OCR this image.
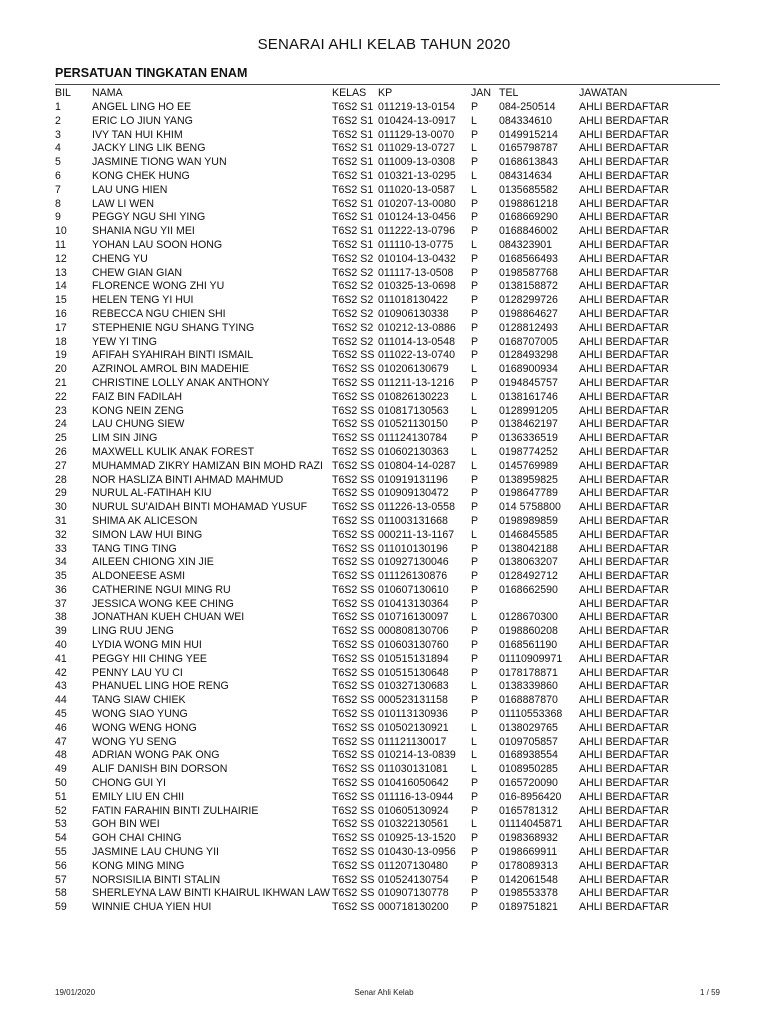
SENARAI AHLI KELAB TAHUN 2020
PERSATUAN TINGKATAN ENAM
BIL NAMA	KELAS KP	JAN TEL	JAWATAN
1	ANGEL LING HO EE	T6S2 S1 011219-13-0154 P 084-250514 AHLI BERDAFTAR
2	ERIC LO JIUN YANG	T6S2 S1 010424-13-0917 L 084334610	AHLI BERDAFTAR
3	IVY TAN HUI KHIM	T6S2 S1 011129-13-0070 P 0149915214 AHLI BERDAFTAR
4	JACKY LING LIK BENG	T6S2 S1 011029-13-0727 L 0165798787 AHLI BERDAFTAR
5	JASMINE TIONG WAN YUN	T6S2 S1 011009-13-0308 P 0168613843 AHLI BERDAFTAR
6	KONG CHEK HUNG	T6S2 S1 010321-13-0295 L 084314634	AHLI BERDAFTAR
7	LAU UNG HIEN	T6S2 S1 011020-13-0587 L 0135685582 AHLI BERDAFTAR
8	LAW LI WEN	T6S2 S1 010207-13-0080 P 0198861218 AHLI BERDAFTAR
9	PEGGY NGU SHI YING	T6S2 S1 010124-13-0456 P 0168669290 AHLI BERDAFTAR
10 SHANIA NGU YII MEI	T6S2 S1 011222-13-0796 P 0168846002 AHLI BERDAFTAR
11 YOHAN LAU SOON HONG	T6S2 S1 011110-13-0775 L 084323901	AHLI BERDAFTAR
12 CHENG YU	T6S2 S2 010104-13-0432 P 0168566493 AHLI BERDAFTAR
13 CHEW GIAN GIAN	T6S2 S2 011117-13-0508 P 0198587768 AHLI BERDAFTAR
14 FLORENCE WONG ZHI YU	T6S2 S2 010325-13-0698 P 0138158872 AHLI BERDAFTAR
15 HELEN TENG YI HUI	T6S2 S2 011018130422 P 0128299726 AHLI BERDAFTAR
16 REBECCA NGU CHIEN SHI	T6S2 S2 010906130338 P 0198864627 AHLI BERDAFTAR
17 STEPHENIE NGU SHANG TYING	T6S2 S2 010212-13-0886 P 0128812493 AHLI BERDAFTAR
18 YEW YI TING	T6S2 S2 011014-13-0548 P 0168707005 AHLI BERDAFTAR
19 AFIFAH SYAHIRAH BINTI ISMAIL	T6S2 SS 011022-13-0740 P 0128493298 AHLI BERDAFTAR
20 AZRINOL AMROL BIN MADEHIE	T6S2 SS 010206130679 L 0168900934 AHLI BERDAFTAR
21 CHRISTINE LOLLY ANAK ANTHONY	T6S2 SS 011211-13-1216 P 0194845757 AHLI BERDAFTAR
22 FAIZ BIN FADILAH	T6S2 SS 010826130223 L 0138161746 AHLI BERDAFTAR
23 KONG NEIN ZENG	T6S2 SS 010817130563 L 0128991205 AHLI BERDAFTAR
24 LAU CHUNG SIEW	T6S2 SS 010521130150 P 0138462197 AHLI BERDAFTAR
25 LIM SIN JING	T6S2 SS 011124130784 P 0136336519 AHLI BERDAFTAR
26 MAXWELL KULIK ANAK FOREST	T6S2 SS 010602130363 L 0198774252 AHLI BERDAFTAR
27 MUHAMMAD ZIKRY HAMIZAN BIN MOHD RAZI T6S2 SS 010804-14-0287 L 0145769989 AHLI BERDAFTAR
28 NOR HASLIZA BINTI AHMAD MAHMUD	T6S2 SS 010919131196 P 0138959825 AHLI BERDAFTAR
29 NURUL AL-FATIHAH KIU	T6S2 SS 010909130472 P 0198647789 AHLI BERDAFTAR
30 NURUL SU'AIDAH BINTI MOHAMAD YUSUF T6S2 SS 011226-13-0558 P 014 5758800 AHLI BERDAFTAR
31 SHIMA AK ALICESON	T6S2 SS 011003131668 P 0198989859 AHLI BERDAFTAR
32 SIMON LAW HUI BING	T6S2 SS 000211-13-1167 L 0146845585 AHLI BERDAFTAR
33 TANG TING TING	T6S2 SS 011010130196 P 0138042188 AHLI BERDAFTAR
34 AILEEN CHIONG XIN JIE	T6S2 SS 010927130046 P 0138063207 AHLI BERDAFTAR
35 ALDONEESE ASMI	T6S2 SS 011126130876 P 0128492712 AHLI BERDAFTAR
36 CATHERINE NGUI MING RU	T6S2 SS 010607130610 P 0168662590 AHLI BERDAFTAR
37 JESSICA WONG KEE CHING	T6S2 SS 010413130364 P	AHLI BERDAFTAR
38 JONATHAN KUEH CHUAN WEI	T6S2 SS 010716130097 L 0128670300 AHLI BERDAFTAR
39 LING RUU JENG	T6S2 SS 000808130706 P 0198860208 AHLI BERDAFTAR
40 LYDIA WONG MIN HUI	T6S2 SS 010603130760 P 0168561190 AHLI BERDAFTAR
41 PEGGY HII CHING YEE	T6S2 SS 010515131894 P 01110909971 AHLI BERDAFTAR
42 PENNY LAU YU CI	T6S2 SS 010515130648 P 0178178871 AHLI BERDAFTAR
43 PHANUEL LING HOE RENG	T6S2 SS 010327130683 L 0138339860 AHLI BERDAFTAR
44 TANG SIAW CHIEK	T6S2 SS 000523131158 P 0168887870 AHLI BERDAFTAR
45 WONG SIAO YUNG	T6S2 SS 010113130936 P 01110553368 AHLI BERDAFTAR
46 WONG WENG HONG	T6S2 SS 010502130921 L 0138029765 AHLI BERDAFTAR
47 WONG YU SENG	T6S2 SS 011121130017 L 0109705857 AHLI BERDAFTAR
48 ADRIAN WONG PAK ONG	T6S2 SS 010214-13-0839 L 0168938554 AHLI BERDAFTAR
49 ALIF DANISH BIN DORSON	T6S2 SS 011030131081 L 0108950285 AHLI BERDAFTAR
50 CHONG GUI YI	T6S2 SS 010416050642 P 0165720090 AHLI BERDAFTAR
51 EMILY LIU EN CHII	T6S2 SS 011116-13-0944 P 016-8956420 AHLI BERDAFTAR
52 FATIN FARAHIN BINTI ZULHAIRIE	T6S2 SS 010605130924 P 0165781312 AHLI BERDAFTAR
53 GOH BIN WEI	T6S2 SS 010322130561 L 01114045871 AHLI BERDAFTAR
54 GOH CHAI CHING	T6S2 SS 010925-13-1520 P 0198368932 AHLI BERDAFTAR
55 JASMINE LAU CHUNG YII	T6S2 SS 010430-13-0956 P 0198669911 AHLI BERDAFTAR
56 KONG MING MING	T6S2 SS 011207130480 P 0178089313 AHLI BERDAFTAR
57 NORSISILIA BINTI STALIN	T6S2 SS 010524130754 P 0142061548 AHLI BERDAFTAR
58 SHERLEYNA LAW BINTI KHAIRUL IKHWAN LAW T6S2 SS 010907130778 P 0198553378 AHLI BERDAFTAR
59 WINNIE CHUA YIEN HUI	T6S2 SS 000718130200 P 0189751821 AHLI BERDAFTAR
19/01/2020	Senar Ahli Kelab	1 / 59
